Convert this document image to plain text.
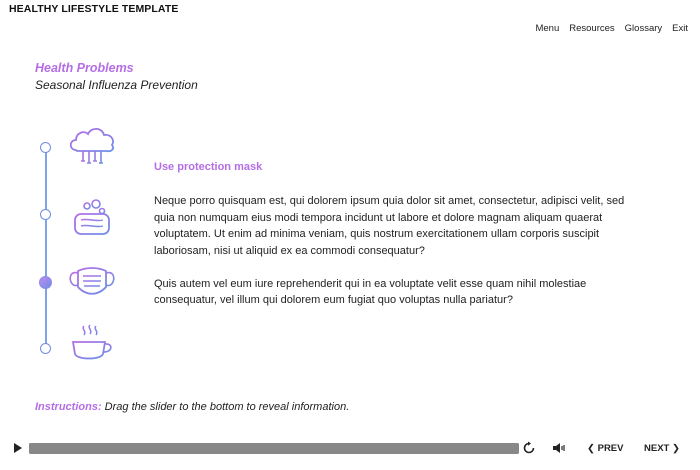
HEALTHY LIFESTYLE TEMPLATE
Menu	Resources	Glossary	Exit
Health Problems
Seasonal Influenza Prevention
Use protection mask

Neque porro quisquam est, qui dolorem ipsum quia dolor sit amet, consectetur, adipisci velit, sed quia non numquam eius modi tempora incidunt ut labore et dolore magnam aliquam quaerat voluptatem. Ut enim ad minima veniam, quis nostrum exercitationem ullam corporis suscipit laboriosam, nisi ut aliquid ex ea commodi consequatur?

Quis autem vel eum iure reprehenderit qui in ea voluptate velit esse quam nihil molestiae consequatur, vel illum qui dolorem eum fugiat quo voluptas nulla pariatur?

Instructions: Drag the slider to the bottom to reveal information.
❮ PREV NEXT ❯
